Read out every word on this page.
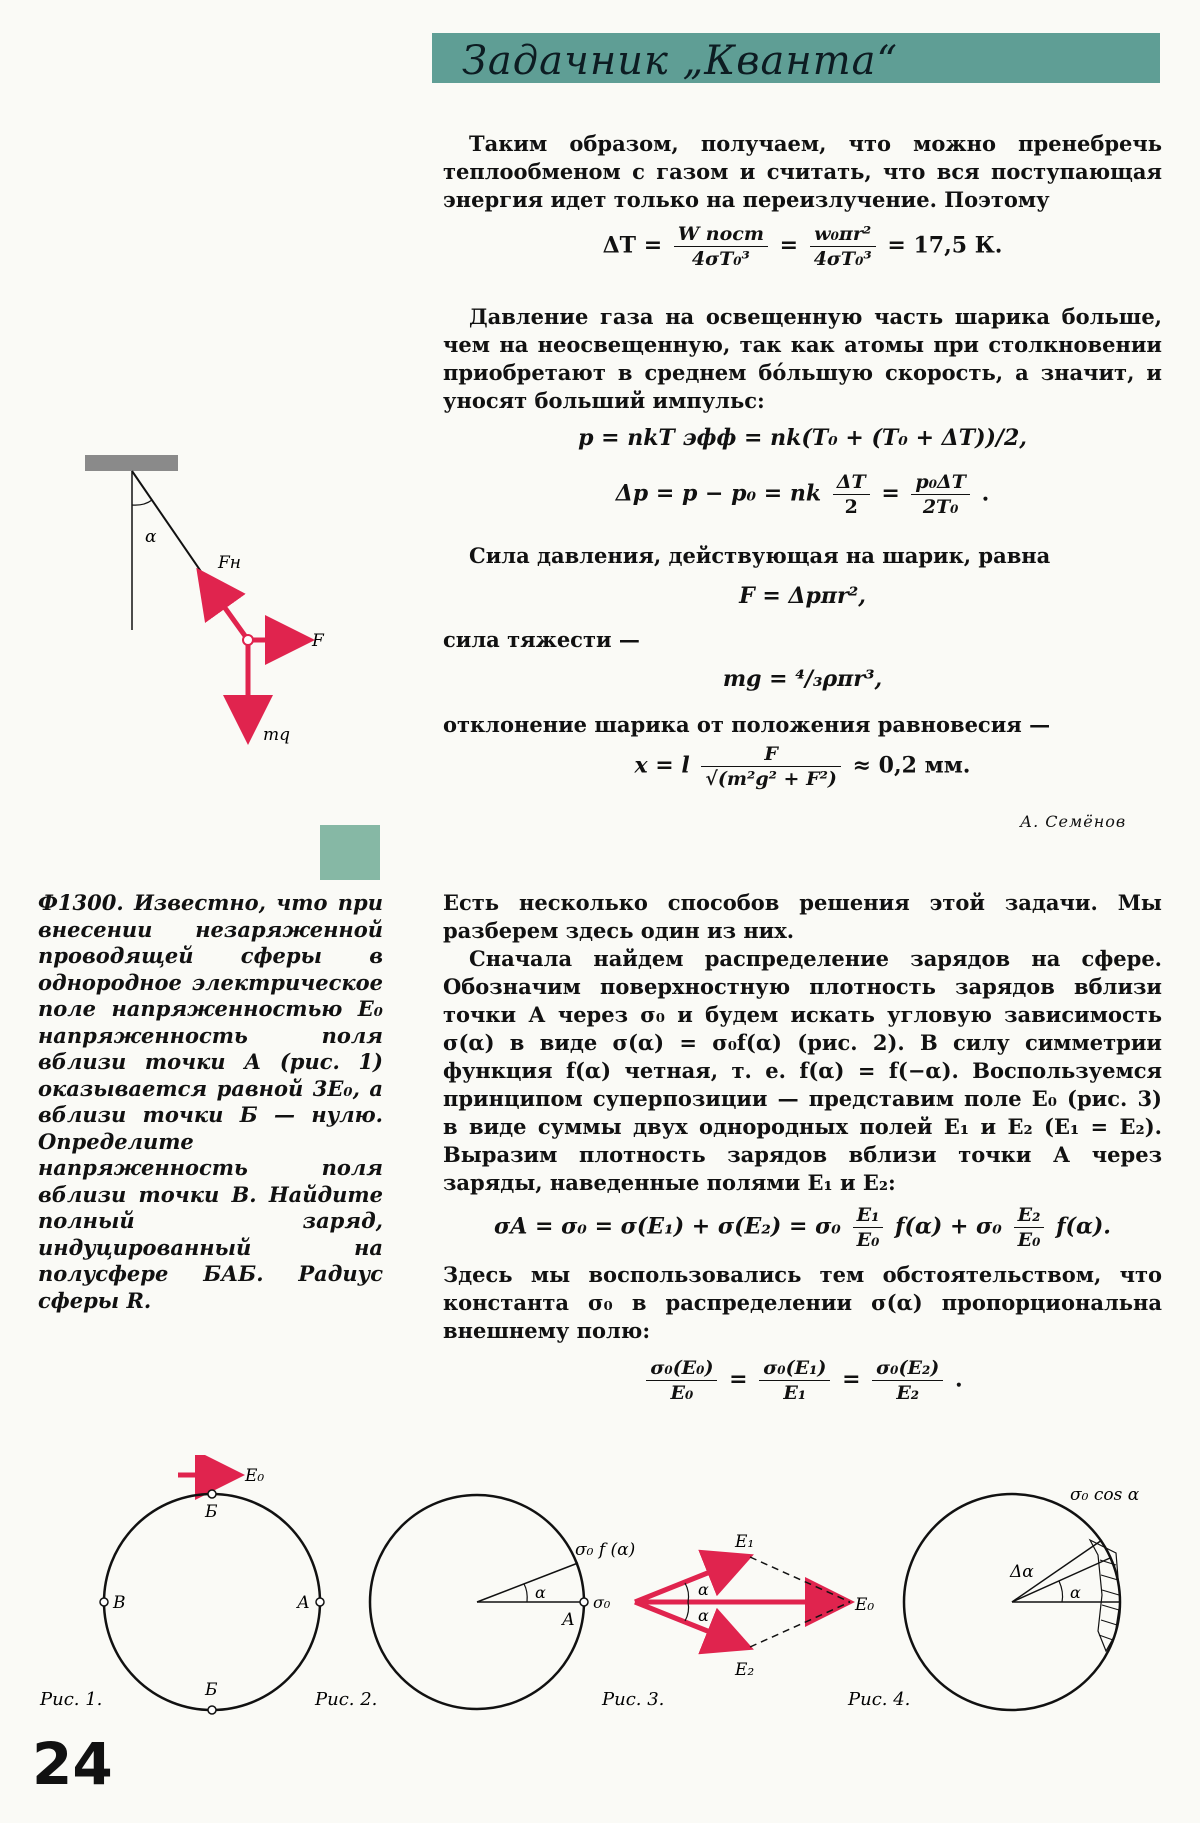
Задачник „Кванта“
Таким образом, получаем, что можно пренебречь теплообменом с газом и считать, что вся поступающая энергия идет только на переизлучение. Поэтому
$\Delta T = \frac{\text{W пост}}{\text{4σT₀³}} = \frac{\text{w₀πr²}}{\text{4σT₀³}} = 17,5$ К.
Давление газа на освещенную часть шарика больше, чем на неосвещенную, так как атомы при столкновении приобретают в среднем бо́льшую скорость, а значит, и уносят больший импульс:
p = nkT эфф = nk(T₀ + (T₀ + ΔT))/2,
Δp = p − p₀ = nk $\frac{\Delta T}{2} = \frac{\text{p₀ΔT}}{\text{2T₀}}$ .
Сила давления, действующая на шарик, равна
F = Δpπr²,
сила тяжести —
mg = ⁴/₃ρπr³,
отклонение шарика от положения равновесия —
x = l $\frac{F}{\text{√(m²g² + F²)}} \approx 0,2$ мм.
А. Семёнов
α
Fн
F
mq
Ф1300. Известно, что при внесении незаряженной проводящей сферы в однородное электрическое поле напряженностью E₀ напряженность поля вблизи точки А (рис. 1) оказывается равной 3E₀, а вблизи точки Б — нулю. Определите напряженность поля вблизи точки В. Найдите полный заряд, индуцированный на полусфере БАБ. Радиус сферы R.
Есть несколько способов решения этой задачи. Мы разберем здесь один из них.
Сначала найдем распределение зарядов на сфере. Обозначим поверхностную плотность зарядов вблизи точки А через σ₀ и будем искать угловую зависимость σ(α) в виде σ(α) = σ₀f(α) (рис. 2). В силу симметрии функция f(α) четная, т. е. f(α) = f(−α). Воспользуемся принципом суперпозиции — представим поле E₀ (рис. 3) в виде суммы двух однородных полей E₁ и E₂ (E₁ = E₂). Выразим плотность зарядов вблизи точки А через заряды, наведенные полями E₁ и E₂:
$\sigma A = \sigma_0 = \sigma(E_1) + \sigma(E_2) = \sigma_0 \frac{\text{E₁}}{\text{E₀}} f(\alpha) + \sigma_0 \frac{\text{E₂}}{\text{E₀}} f(\alpha)$.
Здесь мы воспользовались тем обстоятельством, что константа σ₀ в распределении σ(α) пропорциональна внешнему полю:
$\frac{\text{σ₀(E₀)}}{\text{E₀}} = \frac{\text{σ₀(E₁)}}{\text{E₁}} = \frac{\text{σ₀(E₂)}}{\text{E₂}}$ .
E₀
Б
Б
В	А
Рис. 1.
σ₀ f (α)
α
σ₀
А
Рис. 2.
E₁
E₂
E₀
α
α
Рис. 3.
σ₀ cos α
Δα
α
Рис. 4.
24
